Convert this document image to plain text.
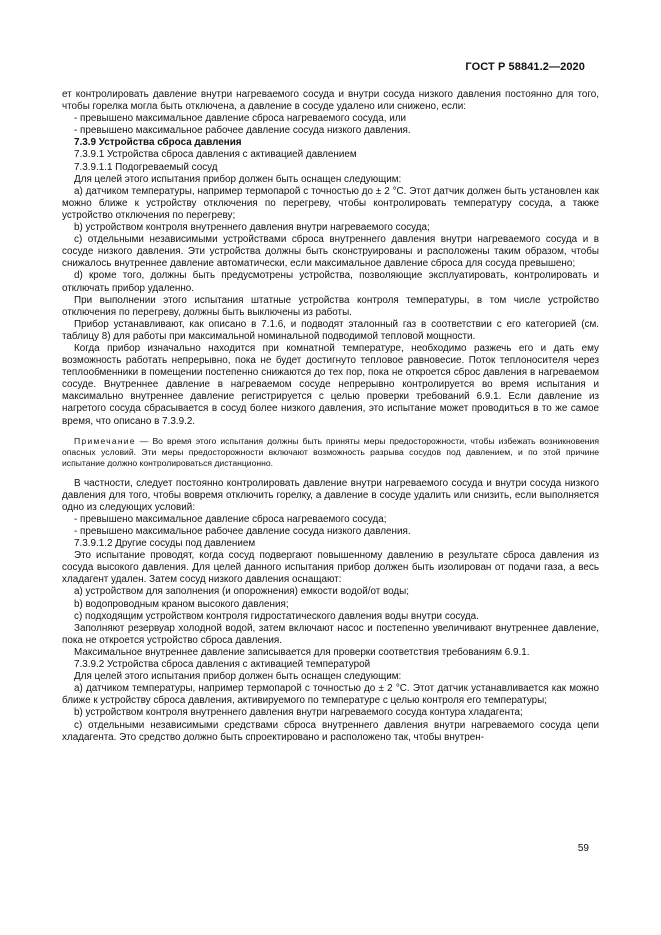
ГОСТ Р 58841.2—2020

ет контролировать давление внутри нагреваемого сосуда и внутри сосуда низкого давления постоянно для того, чтобы горелка могла быть отключена, а давление в сосуде удалено или снижено, если:

- превышено максимальное давление сброса нагреваемого сосуда, или

- превышено максимальное рабочее давление сосуда низкого давления.

7.3.9 Устройства сброса давления

7.3.9.1 Устройства сброса давления с активацией давлением

7.3.9.1.1 Подогреваемый сосуд

Для целей этого испытания прибор должен быть оснащен следующим:

a) датчиком температуры, например термопарой с точностью до ± 2 °С. Этот датчик должен быть установлен как можно ближе к устройству отключения по перегреву, чтобы контролировать температуру сосуда, а также устройство отключения по перегреву;

b) устройством контроля внутреннего давления внутри нагреваемого сосуда;

c) отдельными независимыми устройствами сброса внутреннего давления внутри нагреваемого сосуда и в сосуде низкого давления. Эти устройства должны быть сконструированы и расположены таким образом, чтобы снижалось внутреннее давление автоматически, если максимальное давление сброса для сосуда превышено;

d) кроме того, должны быть предусмотрены устройства, позволяющие эксплуатировать, контролировать и отключать прибор удаленно.

При выполнении этого испытания штатные устройства контроля температуры, в том числе устройство отключения по перегреву, должны быть выключены из работы.

Прибор устанавливают, как описано в 7.1.6, и подводят эталонный газ в соответствии с его категорией (см. таблицу 8) для работы при максимальной номинальной подводимой тепловой мощности.

Когда прибор изначально находится при комнатной температуре, необходимо разжечь его и дать ему возможность работать непрерывно, пока не будет достигнуто тепловое равновесие. Поток теплоносителя через теплообменники в помещении постепенно снижаются до тех пор, пока не откроется сброс давления в нагреваемом сосуде. Внутреннее давление в нагреваемом сосуде непрерывно контролируется во время испытания и максимально внутреннее давление регистрируется с целью проверки требований 6.9.1. Если давление из нагретого сосуда сбрасывается в сосуд более низкого давления, это испытание может проводиться в то же самое время, что описано в 7.3.9.2.

Примечание — Во время этого испытания должны быть приняты меры предосторожности, чтобы избежать возникновения опасных условий. Эти меры предосторожности включают возможность разрыва сосудов под давлением, и по этой причине испытание должно контролироваться дистанционно.

В частности, следует постоянно контролировать давление внутри нагреваемого сосуда и внутри сосуда низкого давления для того, чтобы вовремя отключить горелку, а давление в сосуде удалить или снизить, если выполняется одно из следующих условий:

- превышено максимальное давление сброса нагреваемого сосуда;

- превышено максимальное рабочее давление сосуда низкого давления.

7.3.9.1.2 Другие сосуды под давлением

Это испытание проводят, когда сосуд подвергают повышенному давлению в результате сброса давления из сосуда высокого давления. Для целей данного испытания прибор должен быть изолирован от подачи газа, а весь хладагент удален. Затем сосуд низкого давления оснащают:

a) устройством для заполнения (и опорожнения) емкости водой/от воды;

b) водопроводным краном высокого давления;

c) подходящим устройством контроля гидростатического давления воды внутри сосуда.

Заполняют резервуар холодной водой, затем включают насос и постепенно увеличивают внутреннее давление, пока не откроется устройство сброса давления.

Максимальное внутреннее давление записывается для проверки соответствия требованиям 6.9.1.

7.3.9.2 Устройства сброса давления с активацией температурой

Для целей этого испытания прибор должен быть оснащен следующим:

a) датчиком температуры, например термопарой с точностью до ± 2 °С. Этот датчик устанавливается как можно ближе к устройству сброса давления, активируемого по температуре с целью контроля его температуры;

b) устройством контроля внутреннего давления внутри нагреваемого сосуда контура хладагента;

c) отдельными независимыми средствами сброса внутреннего давления внутри нагреваемого сосуда цепи хладагента. Это средство должно быть спроектировано и расположено так, чтобы внутрен-

59
